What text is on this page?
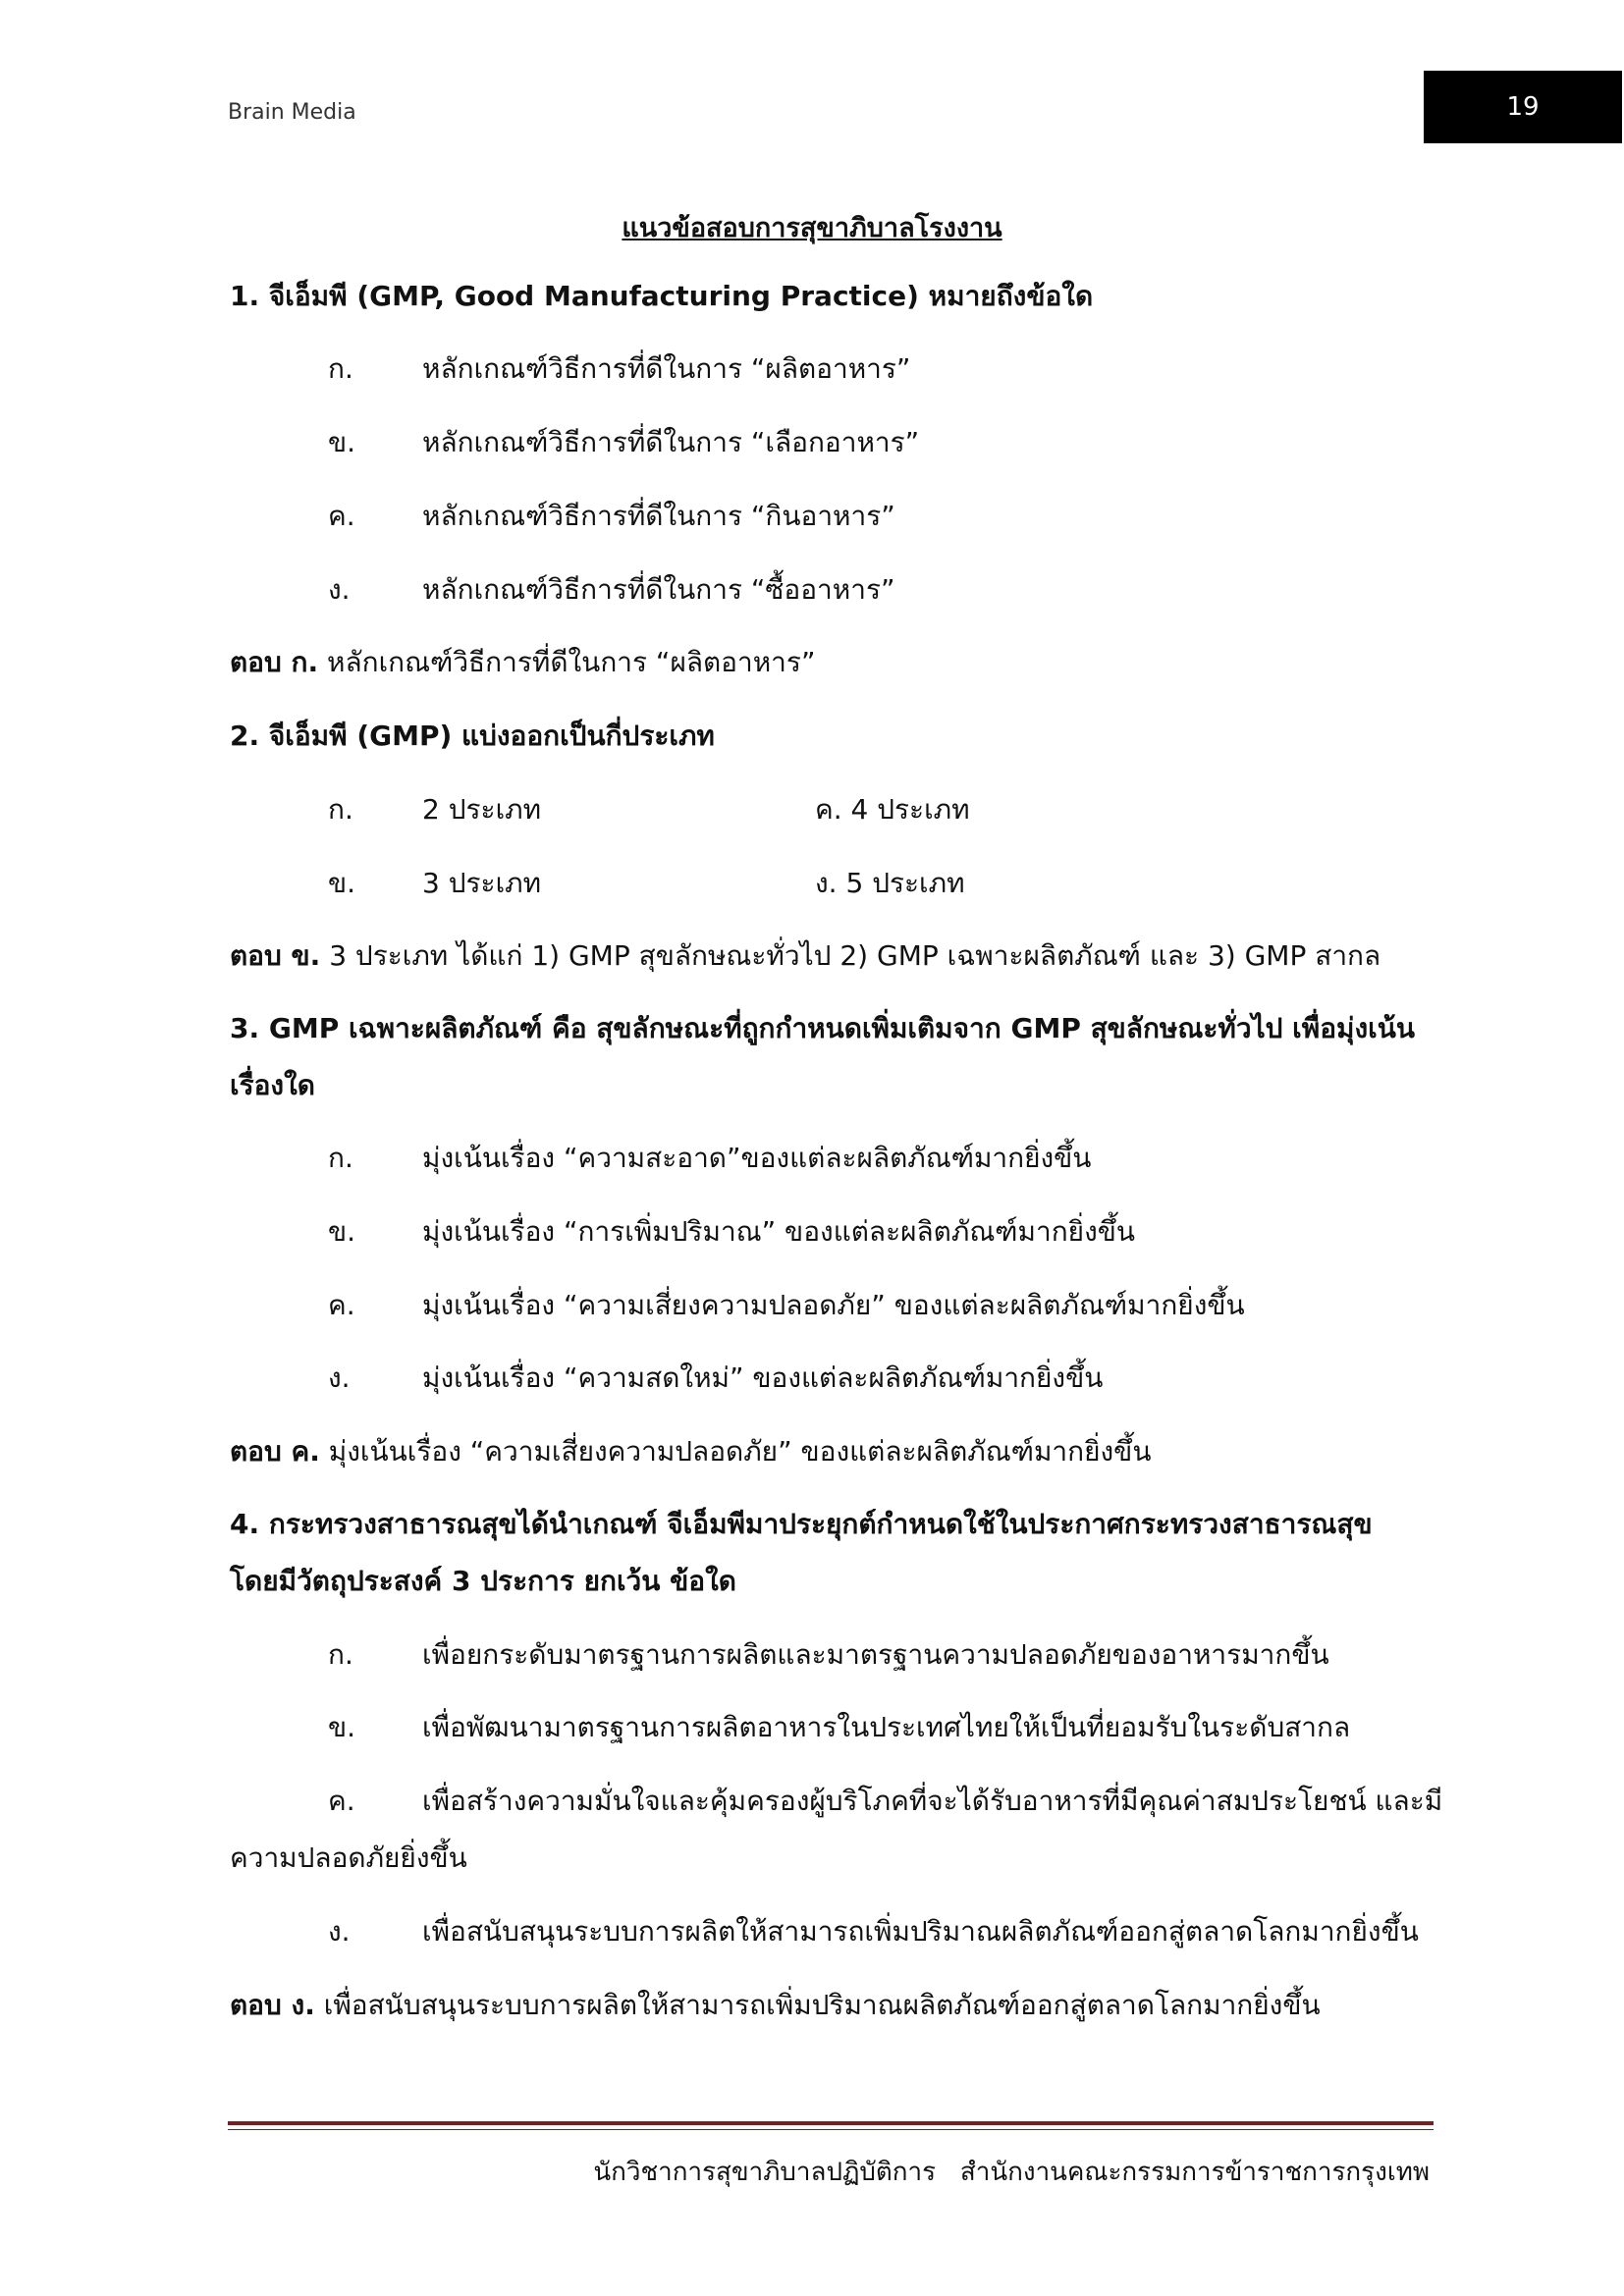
Brain Media	19
แนวข้อสอบการสุขาภิบาลโรงงาน
1. จีเอ็มพี (GMP, Good Manufacturing Practice) หมายถึงข้อใด
ก.	หลักเกณฑ์วิธีการที่ดีในการ “ผลิตอาหาร”
ข. หลักเกณฑ์วิธีการที่ดีในการ “เลือกอาหาร”
ค. หลักเกณฑ์วิธีการที่ดีในการ “กินอาหาร”
ง.	หลักเกณฑ์วิธีการที่ดีในการ “ซื้ออาหาร”
ตอบ ก. หลักเกณฑ์วิธีการที่ดีในการ “ผลิตอาหาร”
2. จีเอ็มพี (GMP) แบ่งออกเป็นกี่ประเภท
ก.	2 ประเภท	ค. 4 ประเภท
ข. 3 ประเภท	ง. 5 ประเภท
ตอบ ข. 3 ประเภท ได้แก่ 1) GMP สุขลักษณะทั่วไป 2) GMP เฉพาะผลิตภัณฑ์ และ 3) GMP สากล
3. GMP เฉพาะผลิตภัณฑ์ คือ สุขลักษณะที่ถูกกำหนดเพิ่มเติมจาก GMP สุขลักษณะทั่วไป เพื่อมุ่งเน้น
เรื่องใด
ก.	มุ่งเน้นเรื่อง “ความสะอาด”ของแต่ละผลิตภัณฑ์มากยิ่งขึ้น
ข. มุ่งเน้นเรื่อง “การเพิ่มปริมาณ” ของแต่ละผลิตภัณฑ์มากยิ่งขึ้น
ค. มุ่งเน้นเรื่อง “ความเสี่ยงความปลอดภัย” ของแต่ละผลิตภัณฑ์มากยิ่งขึ้น
ง.	มุ่งเน้นเรื่อง “ความสดใหม่” ของแต่ละผลิตภัณฑ์มากยิ่งขึ้น
ตอบ ค. มุ่งเน้นเรื่อง “ความเสี่ยงความปลอดภัย” ของแต่ละผลิตภัณฑ์มากยิ่งขึ้น
4. กระทรวงสาธารณสุขได้นำเกณฑ์ จีเอ็มพีมาประยุกต์กำหนดใช้ในประกาศกระทรวงสาธารณสุข
โดยมีวัตถุประสงค์ 3 ประการ ยกเว้น ข้อใด
ก.	เพื่อยกระดับมาตรฐานการผลิตและมาตรฐานความปลอดภัยของอาหารมากขึ้น
ข. เพื่อพัฒนามาตรฐานการผลิตอาหารในประเทศไทยให้เป็นที่ยอมรับในระดับสากล
ค. เพื่อสร้างความมั่นใจและคุ้มครองผู้บริโภคที่จะได้รับอาหารที่มีคุณค่าสมประโยชน์ และมี
ความปลอดภัยยิ่งขึ้น
ง.	เพื่อสนับสนุนระบบการผลิตให้สามารถเพิ่มปริมาณผลิตภัณฑ์ออกสู่ตลาดโลกมากยิ่งขึ้น
ตอบ ง. เพื่อสนับสนุนระบบการผลิตให้สามารถเพิ่มปริมาณผลิตภัณฑ์ออกสู่ตลาดโลกมากยิ่งขึ้น
นักวิชาการสุขาภิบาลปฏิบัติการ   สำนักงานคณะกรรมการข้าราชการกรุงเทพ
